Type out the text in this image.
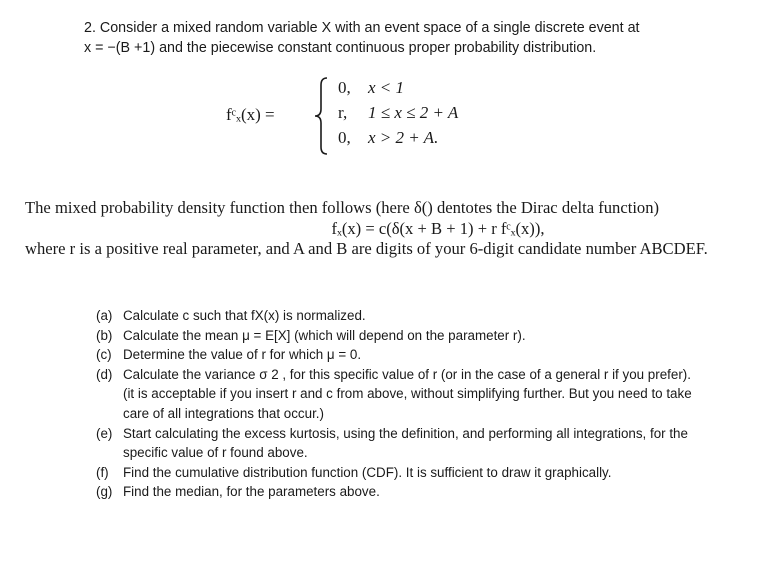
2. Consider a mixed random variable X with an event space of a single discrete event at

x = −(B +1) and the piecewise constant continuous proper probability distribution.

fᶜₓ(x) =
0, x < 1
r, 1 ≤ x ≤ 2 + A
0, x > 2 + A.
The mixed probability density function then follows (here δ() dentotes the Dirac delta function)
fₓ(x) = c(δ(x + B + 1) + r fᶜₓ(x)),
where r is a positive real parameter, and A and B are digits of your 6-digit candidate number ABCDEF.
(a) Calculate c such that fX(x) is normalized.
(b) Calculate the mean μ = E[X] (which will depend on the parameter r).
(c) Determine the value of r for which μ = 0.
(d) Calculate the variance σ 2 , for this specific value of r (or in the case of a general r if you prefer). (it is acceptable if you insert r and c from above, without simplifying further. But you need to take care of all integrations that occur.)
(e) Start calculating the excess kurtosis, using the definition, and performing all integrations, for the specific value of r found above.
(f) Find the cumulative distribution function (CDF). It is sufficient to draw it graphically.
(g) Find the median, for the parameters above.
